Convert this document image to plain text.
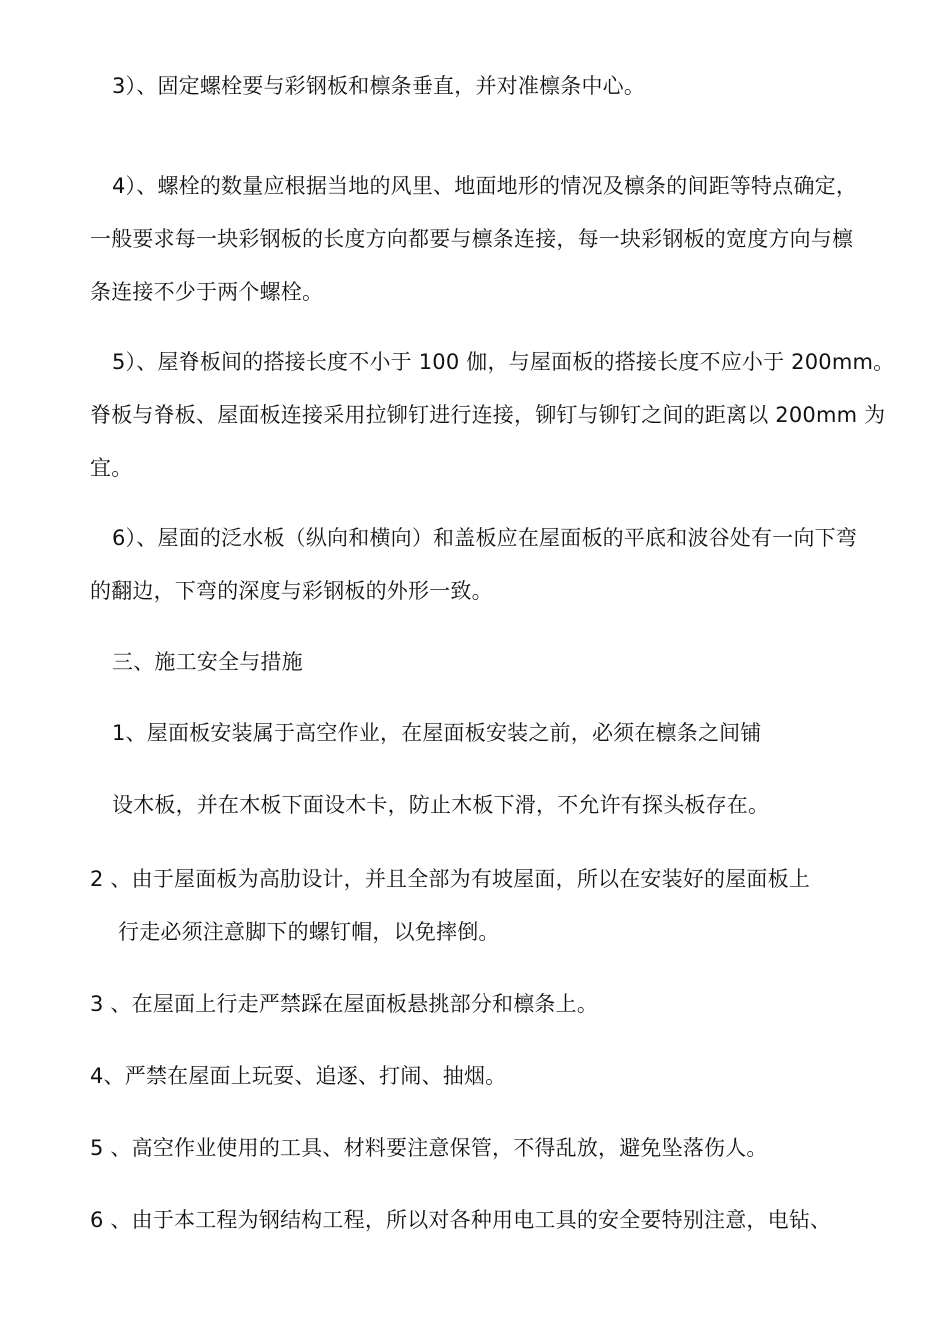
3）、固定螺栓要与彩钢板和檩条垂直，并对准檩条中心。
4）、螺栓的数量应根据当地的风里、地面地形的情况及檩条的间距等特点确定，
一般要求每一块彩钢板的长度方向都要与檩条连接，每一块彩钢板的宽度方向与檩
条连接不少于两个螺栓。
5）、屋脊板间的搭接长度不小于 100 伽，与屋面板的搭接长度不应小于 200mm。
脊板与脊板、屋面板连接采用拉铆钉进行连接，铆钉与铆钉之间的距离以 200mm 为
宜。
6）、屋面的泛水板（纵向和横向）和盖板应在屋面板的平底和波谷处有一向下弯
的翻边，下弯的深度与彩钢板的外形一致。
三、施工安全与措施
1、屋面板安装属于高空作业，在屋面板安装之前，必须在檩条之间铺
设木板，并在木板下面设木卡，防止木板下滑，不允许有探头板存在。
2 、由于屋面板为高肋设计，并且全部为有坡屋面，所以在安装好的屋面板上
行走必须注意脚下的螺钉帽，以免摔倒。
3 、在屋面上行走严禁踩在屋面板悬挑部分和檩条上。
4、严禁在屋面上玩耍、追逐、打闹、抽烟。
5 、高空作业使用的工具、材料要注意保管，不得乱放，避免坠落伤人。
6 、由于本工程为钢结构工程，所以对各种用电工具的安全要特别注意，电钻、
